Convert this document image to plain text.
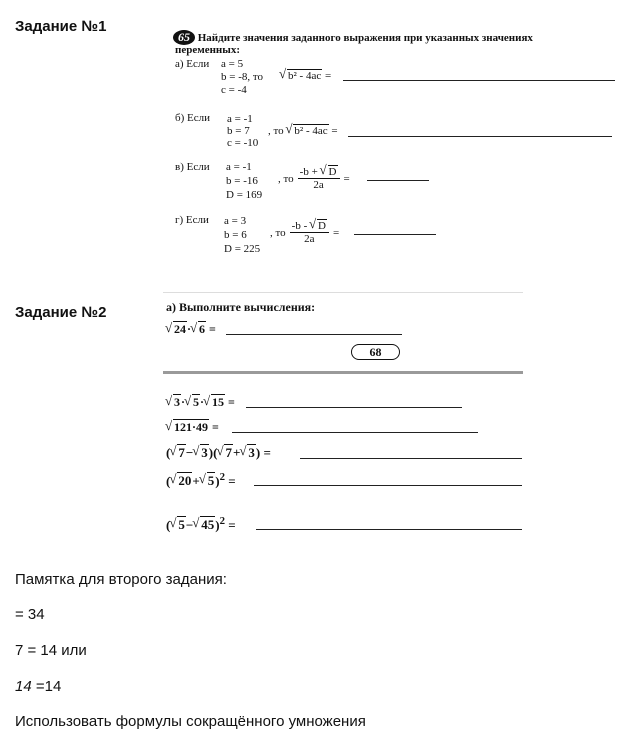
Задание №1
65 Найдите значения заданного выражения при указанных значениях
переменных:
а) Если a = 5
b = -8, то
c = -4
√ b² - 4ac =
б) Если a = -1
b = 7
c = -10
, то √ b² - 4ac =
в) Если a = -1
b = -16
D = 169
, то $\frac{-b + √ D}{2a}$ =
г) Если a = 3
b = 6
D = 225
, то $\frac{-b - √ D}{2a}$ =
Задание №2	а) Выполните вычисления:
√ 24· √ 6 =
68
√ 3· √ 5· √ 15 =
√ 121·49 =
( √ 7− √ 3)( √ 7+ √ 3) =
( √ 20+ √ 5)$^2$ =
( √ 5− √ 45)$^2$ =
Памятка для второго задания:
= 34
7 = 14 или
14 =14
Использовать формулы сокращённого умножения
